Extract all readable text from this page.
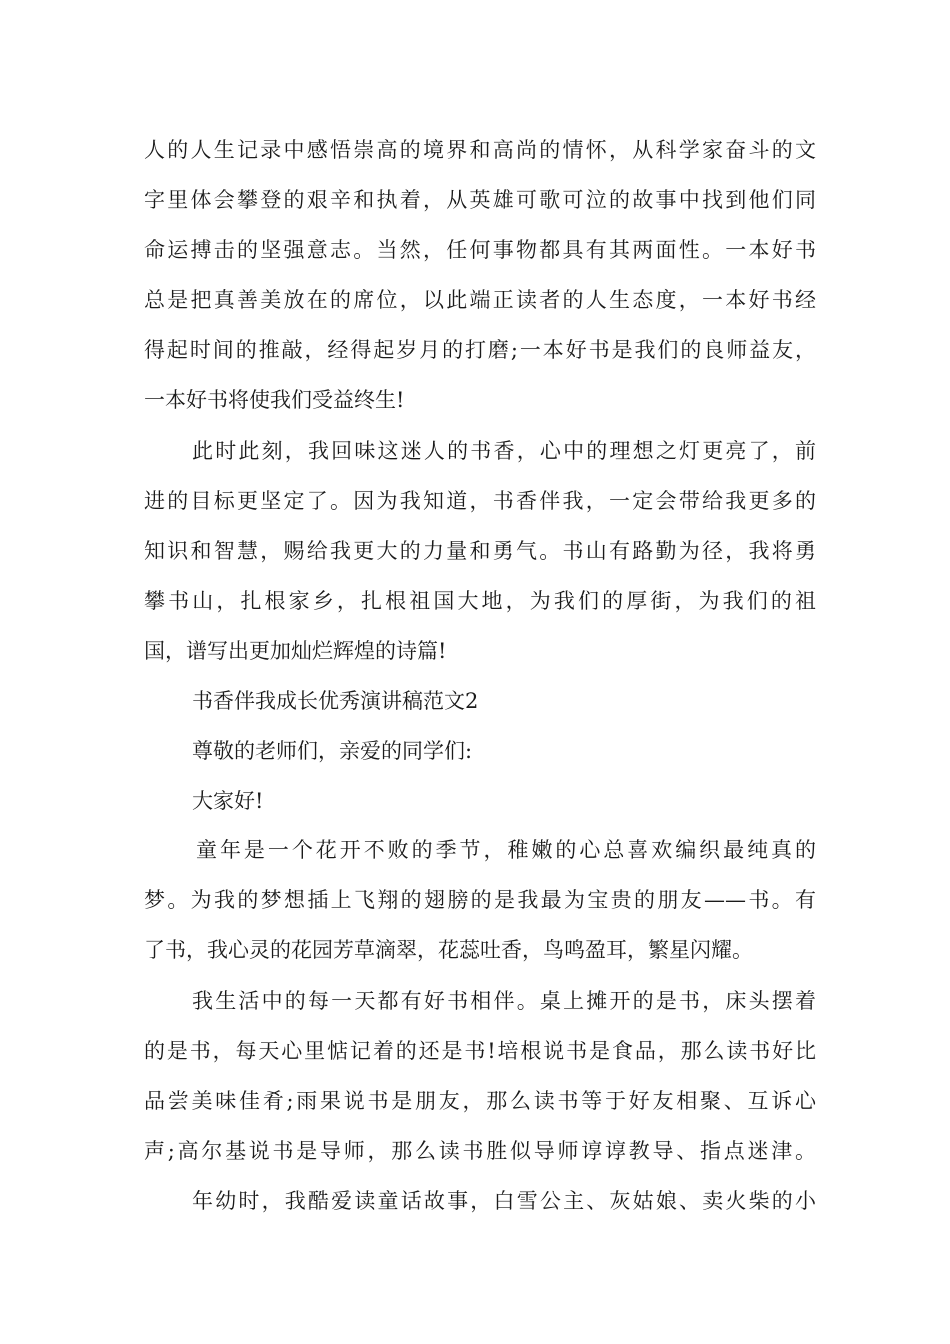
人的人生记录中感悟崇高的境界和高尚的情怀，从科学家奋斗的文
字里体会攀登的艰辛和执着，从英雄可歌可泣的故事中找到他们同
命运搏击的坚强意志。当然，任何事物都具有其两面性。一本好书
总是把真善美放在的席位，以此端正读者的人生态度，一本好书经
得起时间的推敲，经得起岁月的打磨;一本好书是我们的良师益友，
一本好书将使我们受益终生!
此时此刻，我回味这迷人的书香，心中的理想之灯更亮了，前
进的目标更坚定了。因为我知道，书香伴我，一定会带给我更多的
知识和智慧，赐给我更大的力量和勇气。书山有路勤为径，我将勇
攀书山，扎根家乡，扎根祖国大地，为我们的厚街，为我们的祖
国，谱写出更加灿烂辉煌的诗篇!
书香伴我成长优秀演讲稿范文2
尊敬的老师们，亲爱的同学们:
大家好!
童年是一个花开不败的季节，稚嫩的心总喜欢编织最纯真的
梦。为我的梦想插上飞翔的翅膀的是我最为宝贵的朋友——书。有
了书，我心灵的花园芳草滴翠，花蕊吐香，鸟鸣盈耳，繁星闪耀。
我生活中的每一天都有好书相伴。桌上摊开的是书，床头摆着
的是书，每天心里惦记着的还是书!培根说书是食品，那么读书好比
品尝美味佳肴;雨果说书是朋友，那么读书等于好友相聚、互诉心
声;高尔基说书是导师，那么读书胜似导师谆谆教导、指点迷津。
年幼时，我酷爱读童话故事，白雪公主、灰姑娘、卖火柴的小
